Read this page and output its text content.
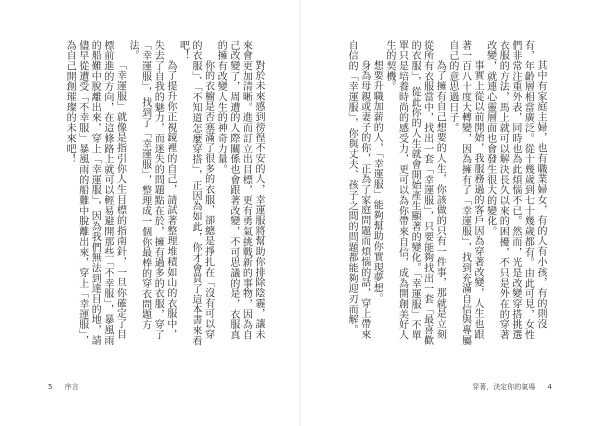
其中有家庭主婦，也有職業婦女，有的人有小孩，有的則沒有，年齡層相當廣泛。從十幾歲到七十幾歲都有。由此可見，女性們非常注重外表，同時也為此煩惱不已。然而，光是改變穿搭挑選衣服的方法，馬上就可以解決長久以來的困擾，不只是外在的穿著改變，就連心靈層面也會發生很大的變化。

事實上從以前開始，我服務過的客戶因為穿著改變，人生也跟著一百八十度大轉變，因為擁有了「幸運服」，找到充滿自信與專屬自己的意思過日子。

為了擁有自己想要的人生，你該做的只有一件事，那就是立刻從所有衣服當中，找出一套「幸運服」，只要能夠找出一套「最喜歡的衣服」，從此你的人生就會開始產生顯著的變化。「幸運服」不單單只是培養時尚的感受力，更可以為你帶來自信，成為開創美好人生的契機。

想要升職加薪的人，「幸運服」能夠幫助你實現夢想。

身為母親或妻子的你，正為了家庭問題而煩惱的話，穿上帶來自信的「幸運服」，你與丈夫、孩子之間的問題都能夠迎刃而解。

對於未來感到徬徨不安的人，幸運服將幫助你排除陰霾，讓未來會更加清晰。進而訂立出目標，更有勇氣挑戰新的事物，因為自己改變了，周遭的人際關係也會跟著改變，不可思議的是，衣服真的擁有改變人生的神奇力量。

你的衣櫥是否塞滿了很多的衣服，卻總是掙扎在「沒有可以穿的衣服」、「不知道怎麼穿搭」，正因為如此，你才會買了這本書來看吧！

為了提升你正視鏡裡的自己，請試著整理堆積如山的衣服中，失去了自我的魅力，而迷失的問題點在於，擁有過多的衣服，穿了「幸運服」，找到了「幸運服」，整理成一個你最棒的穿衣問題方法。

「幸運服」就像是指引你人生目標的指南針，一旦你確定了目標前進的方向，在這條路上就可以輕易避開那些「不幸服」，暴風雨的船難中脫離出來，穿上「幸運服」，因為我們無法到達目的地，請儘早從遭受「不幸服」暴風雨的船難中脫離出來，穿上「幸運服」，為自己開創璀璨的未來吧！

5 序言	穿著，決定你的氣場 4
